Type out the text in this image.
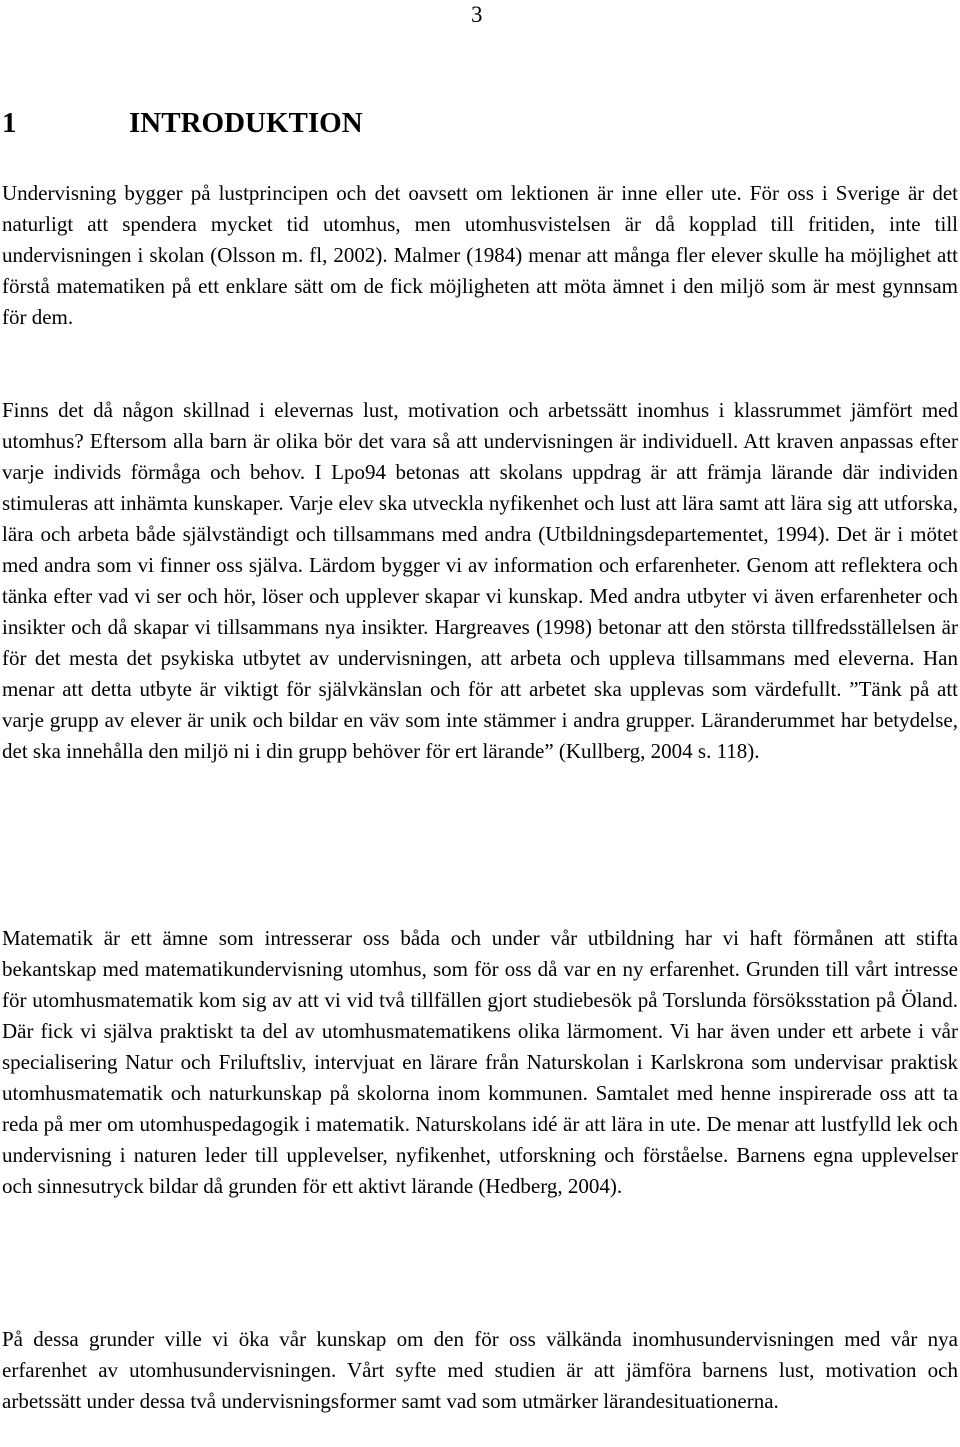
3
1	INTRODUKTION

Undervisning bygger på lustprincipen och det oavsett om lektionen är inne eller ute. För oss i Sverige är det naturligt att spendera mycket tid utomhus, men utomhusvistelsen är då kopplad till fritiden, inte till undervisningen i skolan (Olsson m. fl, 2002). Malmer (1984) menar att många fler elever skulle ha möjlighet att förstå matematiken på ett enklare sätt om de fick möjligheten att möta ämnet i den miljö som är mest gynnsam för dem.

Finns det då någon skillnad i elevernas lust, motivation och arbetssätt inomhus i klassrummet jämfört med utomhus? Eftersom alla barn är olika bör det vara så att undervisningen är individuell. Att kraven anpassas efter varje individs förmåga och behov. I Lpo94 betonas att skolans uppdrag är att främja lärande där individen stimuleras att inhämta kunskaper. Varje elev ska utveckla nyfikenhet och lust att lära samt att lära sig att utforska, lära och arbeta både självständigt och tillsammans med andra (Utbildningsdepartementet, 1994). Det är i mötet med andra som vi finner oss själva. Lärdom bygger vi av information och erfarenheter. Genom att reflektera och tänka efter vad vi ser och hör, löser och upplever skapar vi kunskap. Med andra utbyter vi även erfarenheter och insikter och då skapar vi tillsammans nya insikter. Hargreaves (1998) betonar att den största tillfredsställelsen är för det mesta det psykiska utbytet av undervisningen, att arbeta och uppleva tillsammans med eleverna. Han menar att detta utbyte är viktigt för självkänslan och för att arbetet ska upplevas som värdefullt. ”Tänk på att varje grupp av elever är unik och bildar en väv som inte stämmer i andra grupper. Läranderummet har betydelse, det ska innehålla den miljö ni i din grupp behöver för ert lärande” (Kullberg, 2004 s. 118).

Matematik är ett ämne som intresserar oss båda och under vår utbildning har vi haft förmånen att stifta bekantskap med matematikundervisning utomhus, som för oss då var en ny erfarenhet. Grunden till vårt intresse för utomhusmatematik kom sig av att vi vid två tillfällen gjort studiebesök på Torslunda försöksstation på Öland. Där fick vi själva praktiskt ta del av utomhusmatematikens olika lärmoment. Vi har även under ett arbete i vår specialisering Natur och Friluftsliv, intervjuat en lärare från Naturskolan i Karlskrona som undervisar praktisk utomhusmatematik och naturkunskap på skolorna inom kommunen. Samtalet med henne inspirerade oss att ta reda på mer om utomhuspedagogik i matematik. Naturskolans idé är att lära in ute. De menar att lustfylld lek och undervisning i naturen leder till upplevelser, nyfikenhet, utforskning och förståelse. Barnens egna upplevelser och sinnesutryck bildar då grunden för ett aktivt lärande (Hedberg, 2004).

På dessa grunder ville vi öka vår kunskap om den för oss välkända inomhusundervisningen med vår nya erfarenhet av utomhusundervisningen. Vårt syfte med studien är att jämföra barnens lust, motivation och arbetssätt under dessa två undervisningsformer samt vad som utmärker lärandesituationerna.
